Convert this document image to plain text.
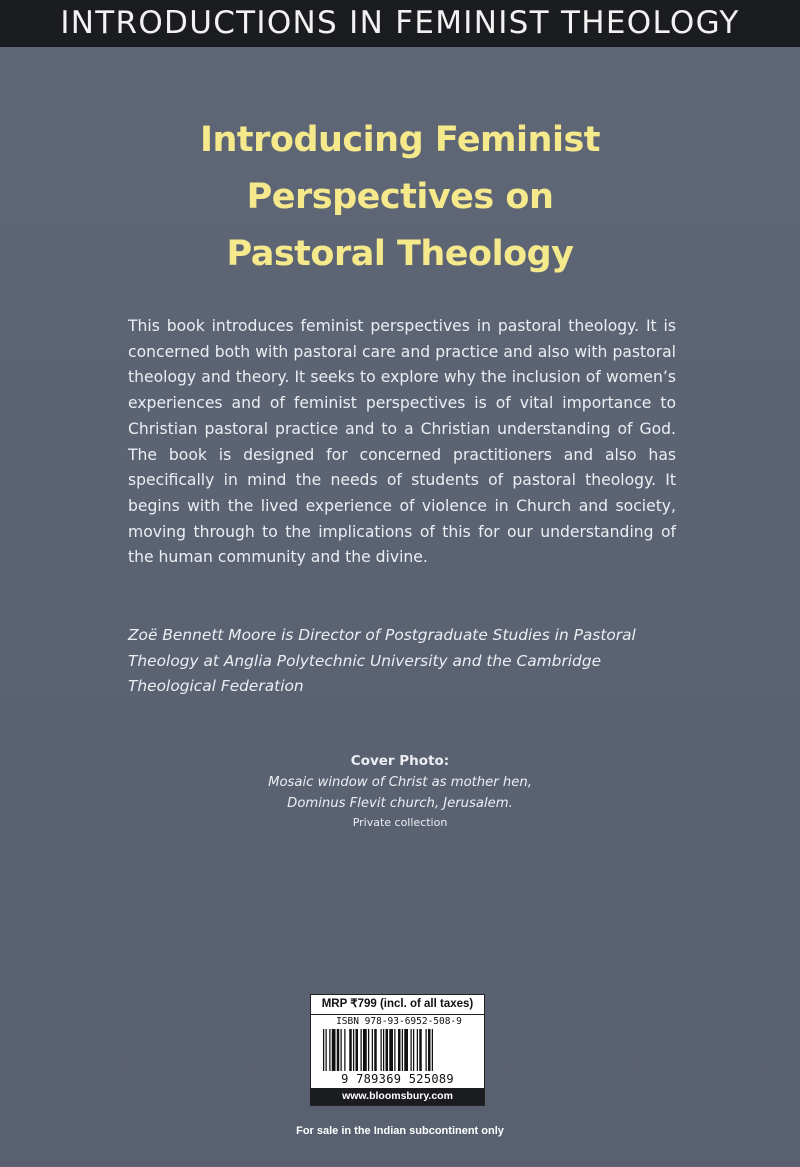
INTRODUCTIONS IN FEMINIST THEOLOGY
Introducing Feminist
Perspectives on
Pastoral Theology

This book introduces feminist perspectives in pastoral theology. It is concerned both with pastoral care and practice and also with pastoral theology and theory. It seeks to explore why the inclusion of women’s experiences and of feminist perspectives is of vital importance to Christian pastoral practice and to a Christian understanding of God. The book is designed for concerned practitioners and also has specifically in mind the needs of students of pastoral theology. It begins with the lived experience of violence in Church and society, moving through to the implications of this for our understanding of the human community and the divine.

Zoë Bennett Moore is Director of Postgraduate Studies in Pastoral Theology at Anglia Polytechnic University and the Cambridge Theological Federation

Cover Photo:
Mosaic window of Christ as mother hen,
Dominus Flevit church, Jerusalem.
Private collection
MRP ₹799 (incl. of all taxes)
ISBN 978-93-6952-508-9
9 789369 525089
www.bloomsbury.com
For sale in the Indian subcontinent only
